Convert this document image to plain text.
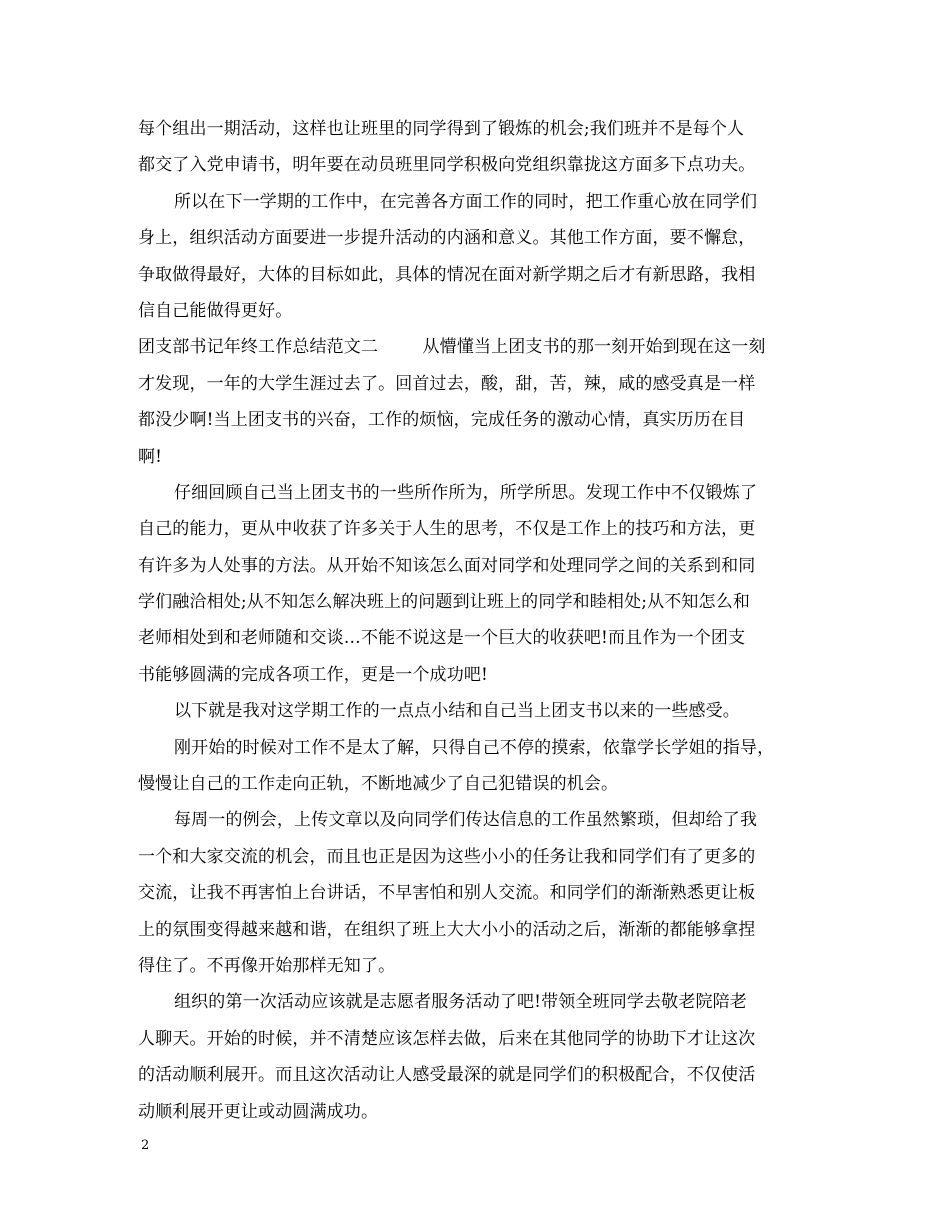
每个组出一期活动，这样也让班里的同学得到了锻炼的机会;我们班并不是每个人
都交了入党申请书，明年要在动员班里同学积极向党组织靠拢这方面多下点功夫。
所以在下一学期的工作中，在完善各方面工作的同时，把工作重心放在同学们
身上，组织活动方面要进一步提升活动的内涵和意义。其他工作方面，要不懈怠，
争取做得最好，大体的目标如此，具体的情况在面对新学期之后才有新思路，我相
信自己能做得更好。
团支部书记年终工作总结范文二        从懵懂当上团支书的那一刻开始到现在这一刻
才发现，一年的大学生涯过去了。回首过去，酸，甜，苦，辣，咸的感受真是一样
都没少啊!当上团支书的兴奋，工作的烦恼，完成任务的激动心情，真实历历在目
啊!
仔细回顾自己当上团支书的一些所作所为，所学所思。发现工作中不仅锻炼了
自己的能力，更从中收获了许多关于人生的思考，不仅是工作上的技巧和方法，更
有许多为人处事的方法。从开始不知该怎么面对同学和处理同学之间的关系到和同
学们融洽相处;从不知怎么解决班上的问题到让班上的同学和睦相处;从不知怎么和
老师相处到和老师随和交谈…不能不说这是一个巨大的收获吧!而且作为一个团支
书能够圆满的完成各项工作，更是一个成功吧!
以下就是我对这学期工作的一点点小结和自己当上团支书以来的一些感受。
刚开始的时候对工作不是太了解，只得自己不停的摸索，依靠学长学姐的指导，
慢慢让自己的工作走向正轨，不断地减少了自己犯错误的机会。
每周一的例会，上传文章以及向同学们传达信息的工作虽然繁琐，但却给了我
一个和大家交流的机会，而且也正是因为这些小小的任务让我和同学们有了更多的
交流，让我不再害怕上台讲话，不早害怕和别人交流。和同学们的渐渐熟悉更让板
上的氛围变得越来越和谐，在组织了班上大大小小的活动之后，渐渐的都能够拿捏
得住了。不再像开始那样无知了。
组织的第一次活动应该就是志愿者服务活动了吧!带领全班同学去敬老院陪老
人聊天。开始的时候，并不清楚应该怎样去做，后来在其他同学的协助下才让这次
的活动顺利展开。而且这次活动让人感受最深的就是同学们的积极配合，不仅使活
动顺利展开更让或动圆满成功。
2
